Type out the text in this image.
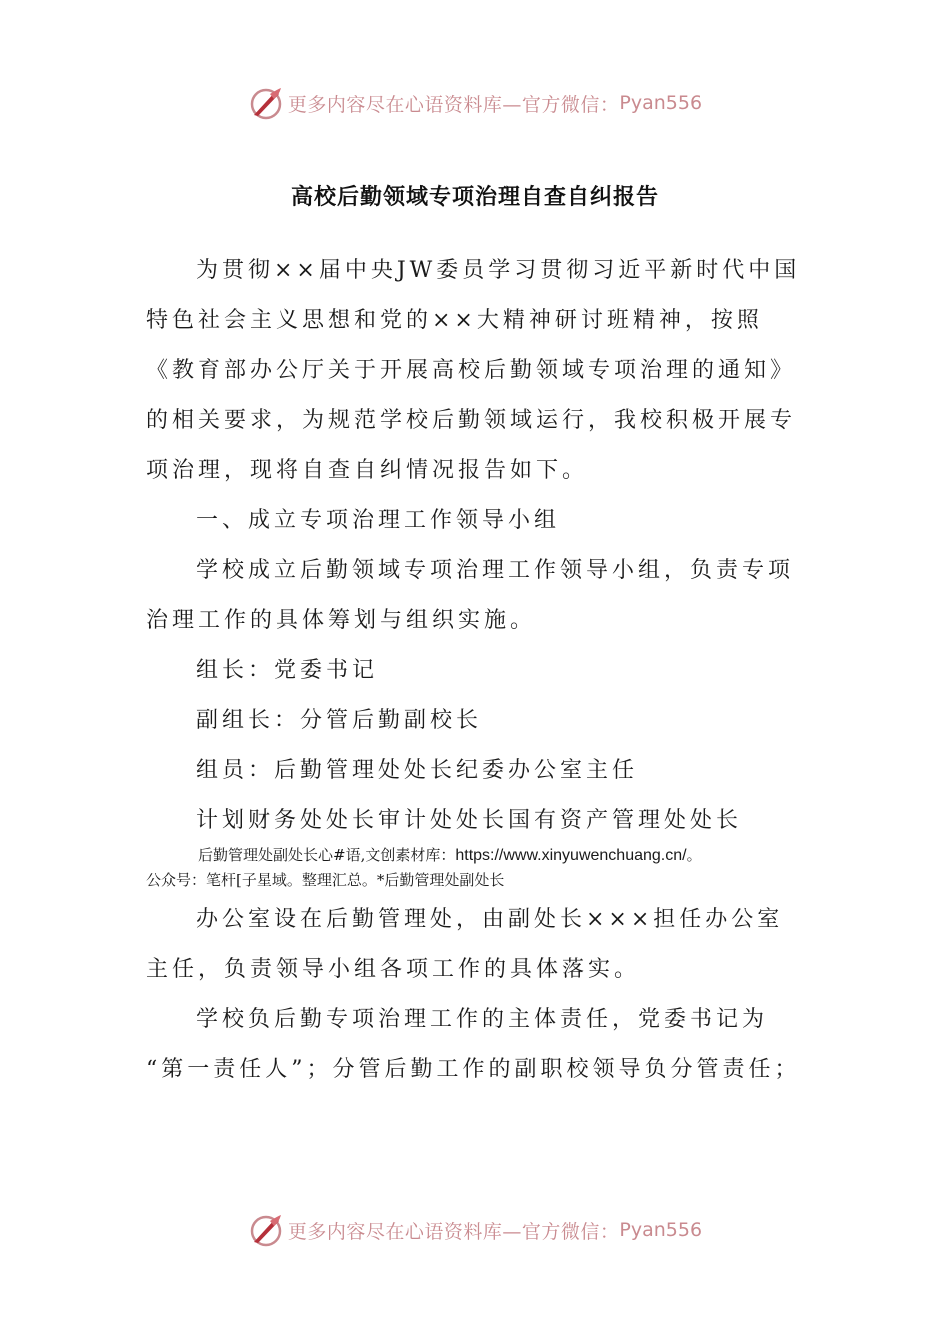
更多内容尽在心语资料库—官方微信： Pyan556
高校后勤领域专项治理自查自纠报告
为贯彻××届中央JW委员学习贯彻习近平新时代中国
特色社会主义思想和党的××大精神研讨班精神，按照
《教育部办公厅关于开展高校后勤领域专项治理的通知》
的相关要求，为规范学校后勤领域运行，我校积极开展专
项治理，现将自查自纠情况报告如下。
一、成立专项治理工作领导小组
学校成立后勤领域专项治理工作领导小组，负责专项
治理工作的具体筹划与组织实施。
组长：党委书记
副组长：分管后勤副校长
组员：后勤管理处处长纪委办公室主任
计划财务处处长审计处处长国有资产管理处处长
后勤管理处副处长心#语,文创素材库：https://www.xinyuwenchuang.cn/。
公众号：笔杆[子星域。整理汇总。*后勤管理处副处长
办公室设在后勤管理处，由副处长×××担任办公室
主任，负责领导小组各项工作的具体落实。
学校负后勤专项治理工作的主体责任，党委书记为
“第一责任人”；分管后勤工作的副职校领导负分管责任；
更多内容尽在心语资料库—官方微信： Pyan556
